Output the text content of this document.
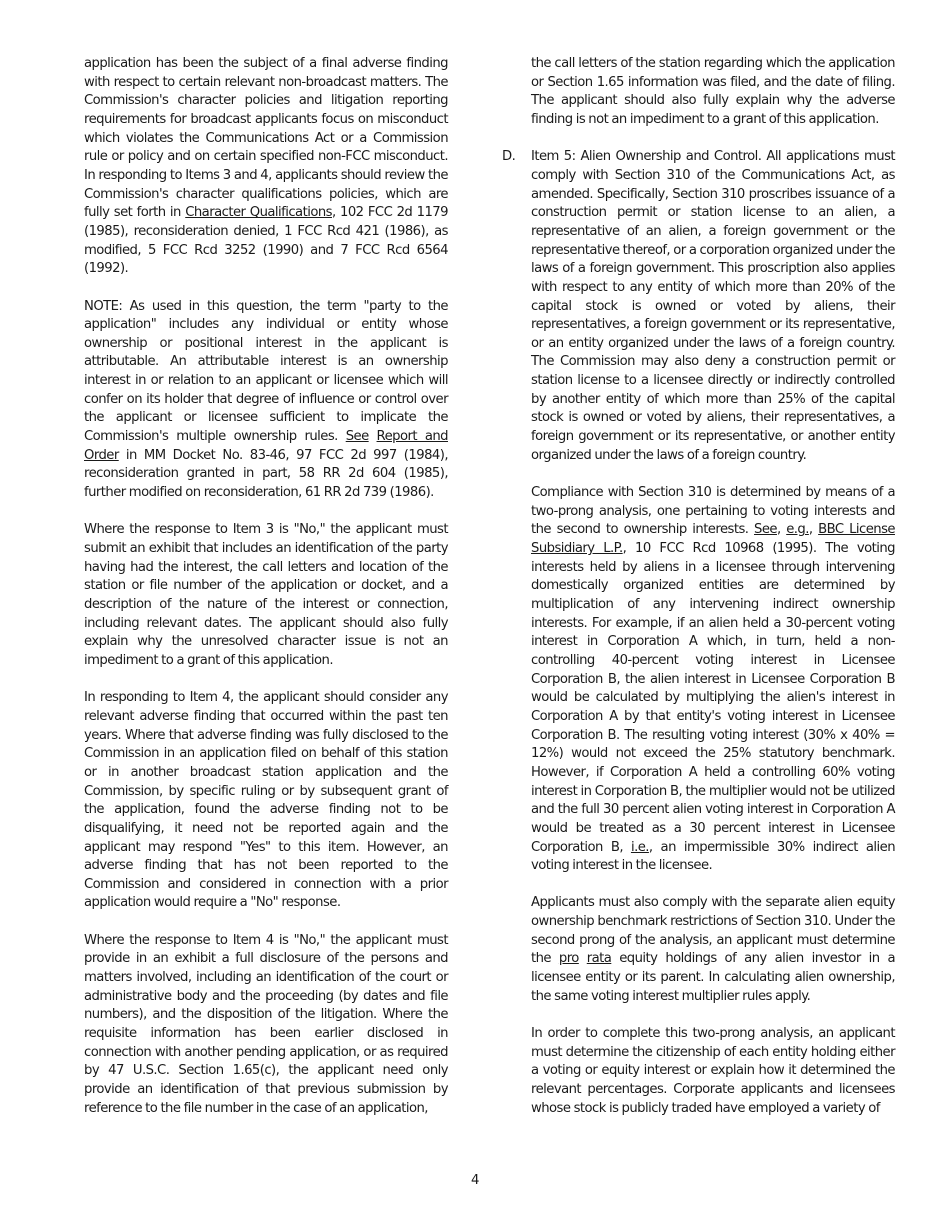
application has been the subject of a final adverse finding with respect to certain relevant non-broadcast matters. The Commission's character policies and litigation reporting requirements for broadcast applicants focus on misconduct which violates the Communications Act or a Commission rule or policy and on certain specified non-FCC misconduct. In responding to Items 3 and 4, applicants should review the Commission's character qualifications policies, which are fully set forth in Character Qualifications, 102 FCC 2d 1179 (1985), reconsideration denied, 1 FCC Rcd 421 (1986), as modified, 5 FCC Rcd 3252 (1990) and 7 FCC Rcd 6564 (1992).

NOTE: As used in this question, the term "party to the application" includes any individual or entity whose ownership or positional interest in the applicant is attributable. An attributable interest is an ownership interest in or relation to an applicant or licensee which will confer on its holder that degree of influence or control over the applicant or licensee sufficient to implicate the Commission's multiple ownership rules. See Report and Order in MM Docket No. 83-46, 97 FCC 2d 997 (1984), reconsideration granted in part, 58 RR 2d 604 (1985), further modified on reconsideration, 61 RR 2d 739 (1986).

Where the response to Item 3 is "No," the applicant must submit an exhibit that includes an identification of the party having had the interest, the call letters and location of the station or file number of the application or docket, and a description of the nature of the interest or connection, including relevant dates. The applicant should also fully explain why the unresolved character issue is not an impediment to a grant of this application.

In responding to Item 4, the applicant should consider any relevant adverse finding that occurred within the past ten years. Where that adverse finding was fully disclosed to the Commission in an application filed on behalf of this station or in another broadcast station application and the Commission, by specific ruling or by subsequent grant of the application, found the adverse finding not to be disqualifying, it need not be reported again and the applicant may respond "Yes" to this item. However, an adverse finding that has not been reported to the Commission and considered in connection with a prior application would require a "No" response.

Where the response to Item 4 is "No," the applicant must provide in an exhibit a full disclosure of the persons and matters involved, including an identification of the court or administrative body and the proceeding (by dates and file numbers), and the disposition of the litigation. Where the requisite information has been earlier disclosed in connection with another pending application, or as required by 47 U.S.C. Section 1.65(c), the applicant need only provide an identification of that previous submission by reference to the file number in the case of an application,

the call letters of the station regarding which the application or Section 1.65 information was filed, and the date of filing. The applicant should also fully explain why the adverse finding is not an impediment to a grant of this application.

D. Item 5: Alien Ownership and Control. All applications must comply with Section 310 of the Communications Act, as amended. Specifically, Section 310 proscribes issuance of a construction permit or station license to an alien, a representative of an alien, a foreign government or the representative thereof, or a corporation organized under the laws of a foreign government. This proscription also applies with respect to any entity of which more than 20% of the capital stock is owned or voted by aliens, their representatives, a foreign government or its representative, or an entity organized under the laws of a foreign country. The Commission may also deny a construction permit or station license to a licensee directly or indirectly controlled by another entity of which more than 25% of the capital stock is owned or voted by aliens, their representatives, a foreign government or its representative, or another entity organized under the laws of a foreign country.

Compliance with Section 310 is determined by means of a two-prong analysis, one pertaining to voting interests and the second to ownership interests. See, e.g., BBC License Subsidiary L.P., 10 FCC Rcd 10968 (1995). The voting interests held by aliens in a licensee through intervening domestically organized entities are determined by multiplication of any intervening indirect ownership interests. For example, if an alien held a 30-percent voting interest in Corporation A which, in turn, held a non-controlling 40-percent voting interest in Licensee Corporation B, the alien interest in Licensee Corporation B would be calculated by multiplying the alien's interest in Corporation A by that entity's voting interest in Licensee Corporation B. The resulting voting interest (30% x 40% = 12%) would not exceed the 25% statutory benchmark. However, if Corporation A held a controlling 60% voting interest in Corporation B, the multiplier would not be utilized and the full 30 percent alien voting interest in Corporation A would be treated as a 30 percent interest in Licensee Corporation B, i.e., an impermissible 30% indirect alien voting interest in the licensee.

Applicants must also comply with the separate alien equity ownership benchmark restrictions of Section 310. Under the second prong of the analysis, an applicant must determine the pro rata equity holdings of any alien investor in a licensee entity or its parent. In calculating alien ownership, the same voting interest multiplier rules apply.

In order to complete this two-prong analysis, an applicant must determine the citizenship of each entity holding either a voting or equity interest or explain how it determined the relevant percentages. Corporate applicants and licensees whose stock is publicly traded have employed a variety of

4
